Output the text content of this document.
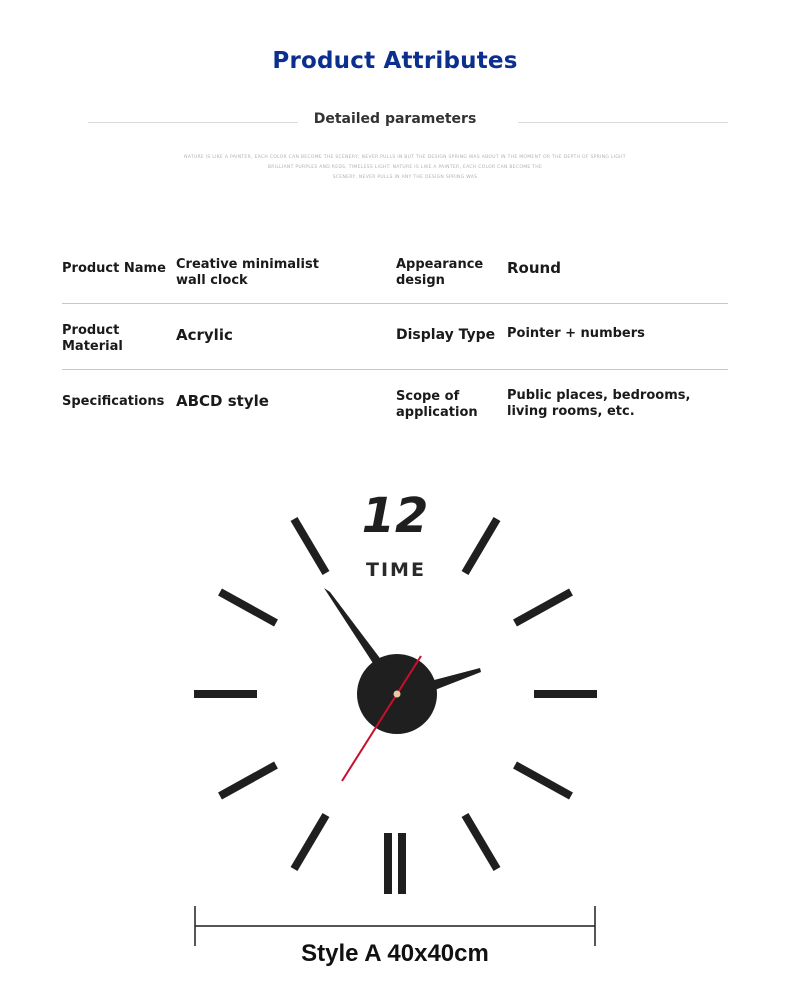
Product Attributes
Detailed parameters
NATURE IS LIKE A PAINTER, EACH COLOR CAN BECOME THE SCENERY; NEVER PULLS IN BUT THE DESIGN SPRING WAS ABOUT IN THE MOMENT OR THE DEPTH OF SPRING LIGHT
BRILLIANT PURPLES AND REDS, TIMELESS LIGHT. NATURE IS LIKE A PAINTER, EACH COLOR CAN BECOME THE
SCENERY, NEVER PULLS IN ANY THE DESIGN SPRING WAS
Product Name Creative minimalist wall clock
Appearance design
Round
Product Material
Acrylic	Display Type Pointer + numbers
Specifications ABCD style	Scope of application
Public places, bedrooms, living rooms, etc.
12
TIME
Style A 40x40cm
